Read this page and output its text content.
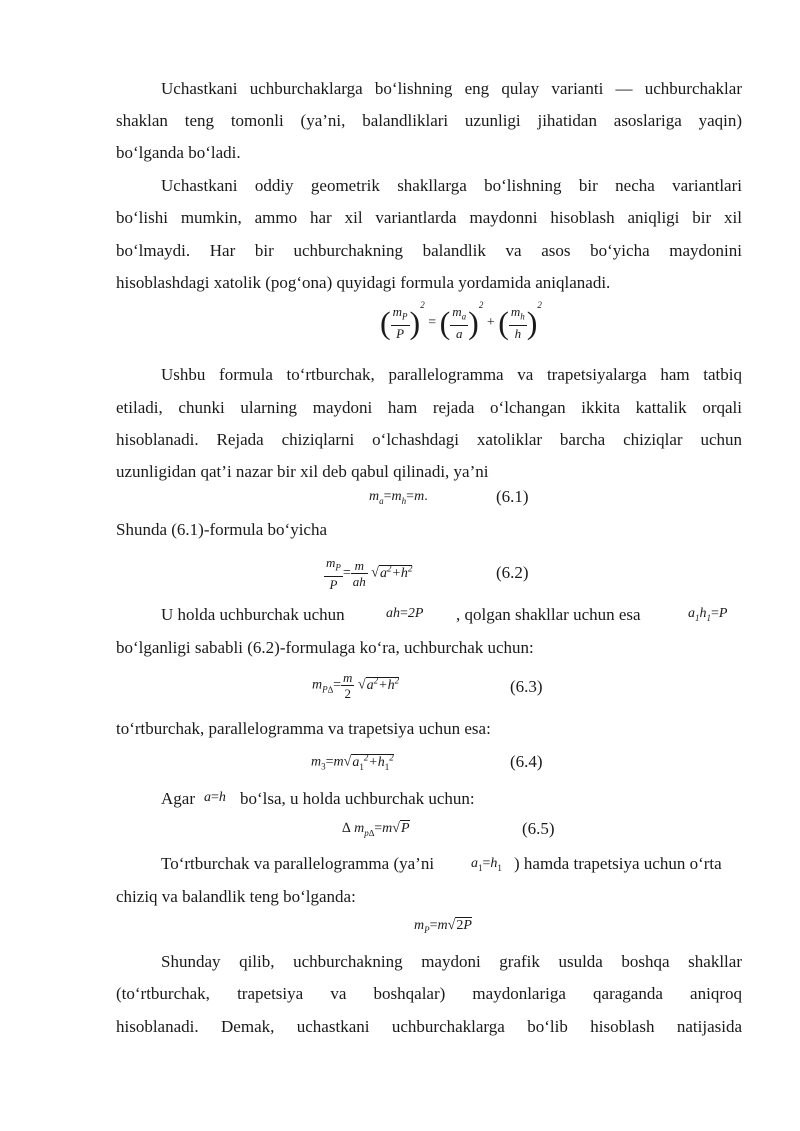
Uchastkani uchburchaklarga bo‘lishning eng qulay varianti — uchburchaklar
shaklan teng tomonli (ya’ni, balandliklari uzunligi jihatidan asoslariga yaqin)
bo‘lganda bo‘ladi.
Uchastkani oddiy geometrik shakllarga bo‘lishning bir necha variantlari
bo‘lishi mumkin, ammo har xil variantlarda maydonni hisoblash aniqligi bir xil
bo‘lmaydi. Har bir uchburchakning balandlik va asos bo‘yicha maydonini
hisoblashdagi xatolik (pog‘ona) quyidagi formula yordamida aniqlanadi.
( $\frac{m_P}{P} )^2$ = ( $\frac{m_a}{a} )^2$ + ( $\frac{m_h}{h} )^2$
Ushbu formula to‘rtburchak, parallelogramma va trapetsiyalarga ham tatbiq
etiladi, chunki ularning maydoni ham rejada o‘lchangan ikkita kattalik orqali
hisoblanadi. Rejada chiziqlarni o‘lchashdagi xatoliklar barcha chiziqlar uchun
uzunligidan qat’i nazar bir xil deb qabul qilinadi, ya’ni
$m_a=m_h=m$.	(6.1)
Shunda (6.1)-formula bo‘yicha
$\frac{m_P}{P} = \frac{m}{ah} √a^2+h^2$	(6.2)
U holda uchburchak uchun	ah=2P , qolgan shakllar uchun esa	$a_1h_1=P$
bo‘lganligi sababli (6.2)-formulaga ko‘ra, uchburchak uchun:
$m_{P\Delta}= \frac{m}{2} √a^2+h^2$	(6.3)
to‘rtburchak, parallelogramma va trapetsiya uchun esa:
$m_3=m√a_1^2+h_1^2$	(6.4)
Agar a=h bo‘lsa, u holda uchburchak uchun:
∆ $m_{p\Delta}=m√P$	(6.5)
To‘rtburchak va parallelogramma (ya’ni	$a_1=h_1$ ) hamda trapetsiya uchun o‘rta
chiziq va balandlik teng bo‘lganda:
$m_P=m√2P$
Shunday qilib, uchburchakning maydoni grafik usulda boshqa shakllar
(to‘rtburchak, trapetsiya va boshqalar) maydonlariga qaraganda aniqroq
hisoblanadi. Demak, uchastkani uchburchaklarga bo‘lib hisoblash natijasida
